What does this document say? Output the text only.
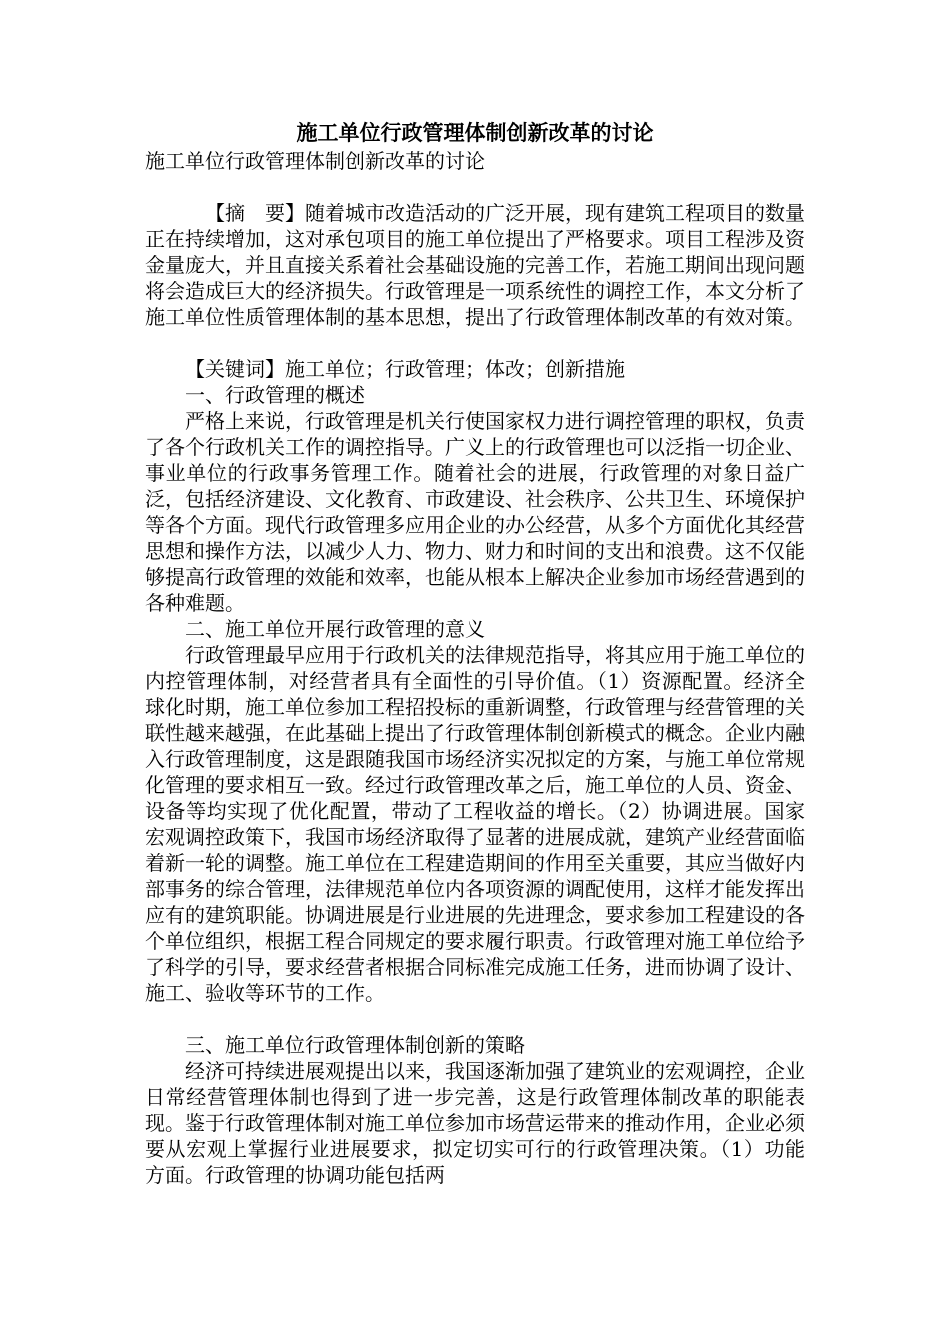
施工单位行政管理体制创新改革的讨论
施工单位行政管理体制创新改革的讨论

【摘　要】随着城市改造活动的广泛开展，现有建筑工程项目的数量正在持续增加，这对承包项目的施工单位提出了严格要求。项目工程涉及资金量庞大，并且直接关系着社会基础设施的完善工作，若施工期间出现问题将会造成巨大的经济损失。行政管理是一项系统性的调控工作，本文分析了施工单位性质管理体制的基本思想，提出了行政管理体制改革的有效对策。

【关键词】施工单位；行政管理；体改；创新措施

一、行政管理的概述

严格上来说，行政管理是机关行使国家权力进行调控管理的职权，负责了各个行政机关工作的调控指导。广义上的行政管理也可以泛指一切企业、事业单位的行政事务管理工作。随着社会的进展，行政管理的对象日益广泛，包括经济建设、文化教育、市政建设、社会秩序、公共卫生、环境保护等各个方面。现代行政管理多应用企业的办公经营，从多个方面优化其经营思想和操作方法，以减少人力、物力、财力和时间的支出和浪费。这不仅能够提高行政管理的效能和效率，也能从根本上解决企业参加市场经营遇到的各种难题。

二、施工单位开展行政管理的意义

行政管理最早应用于行政机关的法律规范指导，将其应用于施工单位的内控管理体制，对经营者具有全面性的引导价值。（1）资源配置。经济全球化时期，施工单位参加工程招投标的重新调整，行政管理与经营管理的关联性越来越强，在此基础上提出了行政管理体制创新模式的概念。企业内融入行政管理制度，这是跟随我国市场经济实况拟定的方案，与施工单位常规化管理的要求相互一致。经过行政管理改革之后，施工单位的人员、资金、设备等均实现了优化配置，带动了工程收益的增长。（2）协调进展。国家宏观调控政策下，我国市场经济取得了显著的进展成就，建筑产业经营面临着新一轮的调整。施工单位在工程建造期间的作用至关重要，其应当做好内部事务的综合管理，法律规范单位内各项资源的调配使用，这样才能发挥出应有的建筑职能。协调进展是行业进展的先进理念，要求参加工程建设的各个单位组织，根据工程合同规定的要求履行职责。行政管理对施工单位给予了科学的引导，要求经营者根据合同标准完成施工任务，进而协调了设计、施工、验收等环节的工作。

三、施工单位行政管理体制创新的策略

经济可持续进展观提出以来，我国逐渐加强了建筑业的宏观调控，企业日常经营管理体制也得到了进一步完善，这是行政管理体制改革的职能表现。鉴于行政管理体制对施工单位参加市场营运带来的推动作用，企业必须要从宏观上掌握行业进展要求，拟定切实可行的行政管理决策。（1）功能方面。行政管理的协调功能包括两
